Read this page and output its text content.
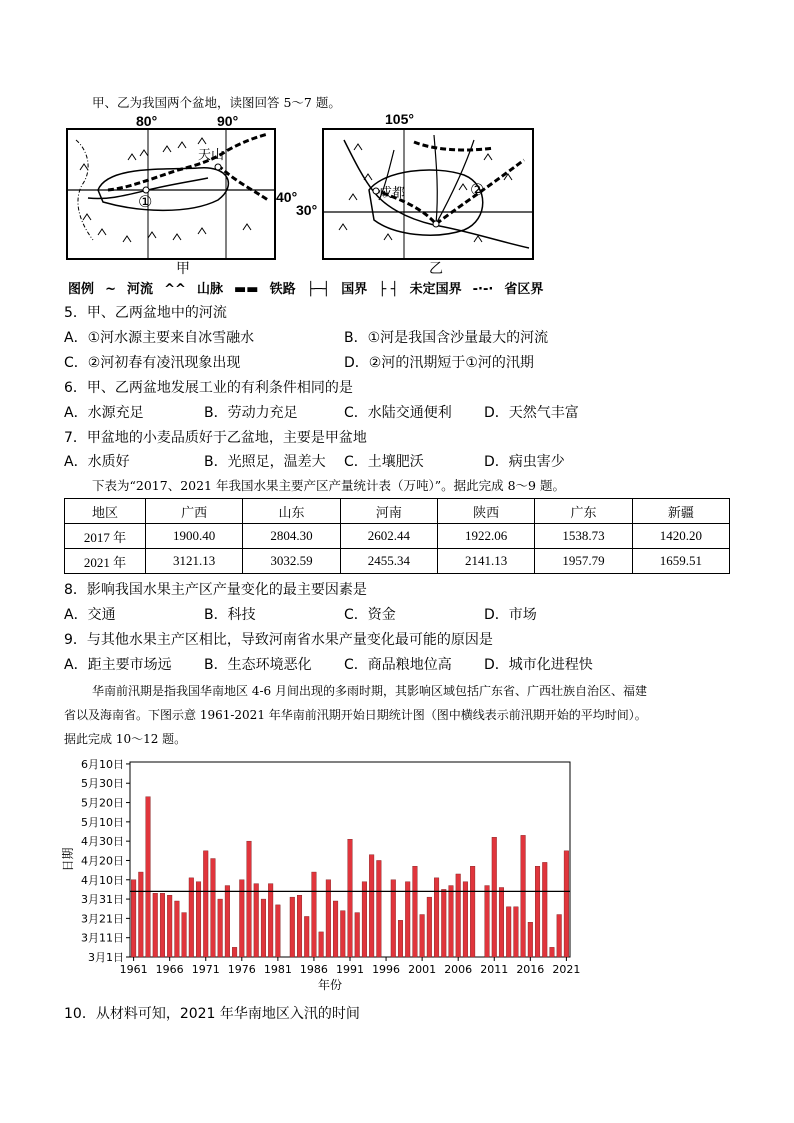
甲、乙为我国两个盆地，读图回答 5～7 题。
天山
①
80°	90°
40°
甲
成都	②
105°
30°
乙
图例  ~  河流  ^^  山脉  ▬▬  铁路  ├─┤  国界  ├ ┤  未定国界  -·-·  省区界
5．甲、乙两盆地中的河流
A．①河水源主要来自冰雪融水	B．①河是我国含沙量最大的河流
C．②河初春有凌汛现象出现	D．②河的汛期短于①河的汛期
6．甲、乙两盆地发展工业的有利条件相同的是
A．水源充足	B．劳动力充足	C．水陆交通便利 D．天然气丰富
7．甲盆地的小麦品质好于乙盆地，主要是甲盆地
A．水质好	B．光照足，温差大 C．土壤肥沃	D．病虫害少
下表为“2017、2021 年我国水果主要产区产量统计表（万吨）”。据此完成 8～9 题。
地区	广西	山东	河南	陕西	广东	新疆
2017 年	1900.40	2804.30	2602.44	1922.06	1538.73	1420.20
2021 年	3121.13	3032.59	2455.34	2141.13	1957.79	1659.51
8．影响我国水果主产区产量变化的最主要因素是
A．交通	B．科技	C．资金	D．市场
9．与其他水果主产区相比，导致河南省水果产量变化最可能的原因是
A．距主要市场远 B．生态环境恶化 C．商品粮地位高 D．城市化进程快
华南前汛期是指我国华南地区 4-6 月间出现的多雨时期，其影响区域包括广东省、广西壮族自治区、福建
省以及海南省。下图示意 1961-2021 年华南前汛期开始日期统计图（图中横线表示前汛期开始的平均时间）。
据此完成 10～12 题。
3月1日
3月11日
3月21日
3月31日
4月10日
4月20日
4月30日
5月10日
5月20日
5月30日
6月10日
1961 1966 1971 1976 1981 1986 1991 1996 2001 2006 2011 2016 2021
年份
日期
10．从材料可知，2021 年华南地区入汛的时间
